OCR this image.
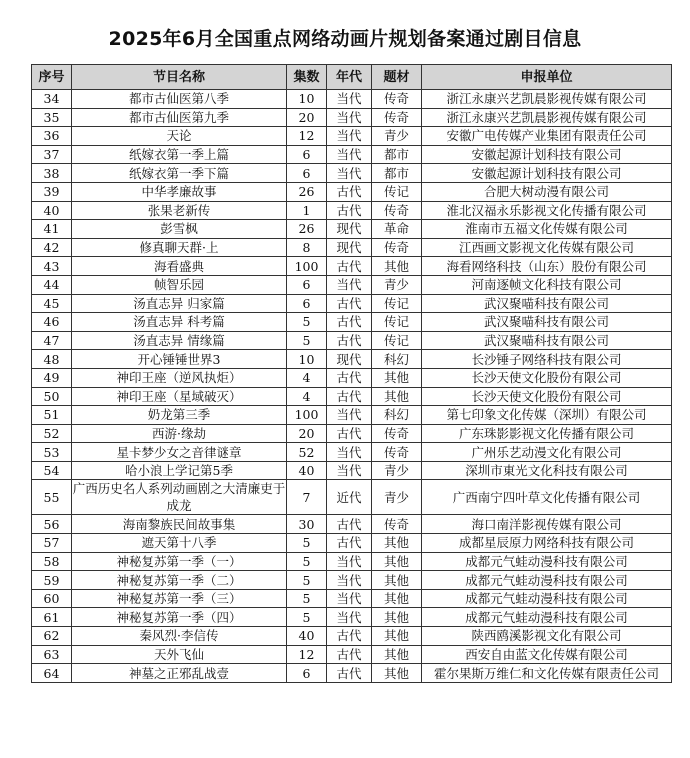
2025年6月全国重点网络动画片规划备案通过剧目信息
序号	节目名称	集数	年代	题材	申报单位
34	都市古仙医第八季	10	当代	传奇	浙江永康兴艺凯晨影视传媒有限公司
35	都市古仙医第九季	20	当代	传奇	浙江永康兴艺凯晨影视传媒有限公司
36	天论	12	当代	青少	安徽广电传媒产业集团有限责任公司
37	纸嫁衣第一季上篇	6	当代	都市	安徽起源计划科技有限公司
38	纸嫁衣第一季下篇	6	当代	都市	安徽起源计划科技有限公司
39	中华孝廉故事	26	古代	传记	合肥大树动漫有限公司
40	张果老新传	1	古代	传奇	淮北汉福永乐影视文化传播有限公司
41	彭雪枫	26	现代	革命	淮南市五福文化传媒有限公司
42	修真聊天群·上	8	现代	传奇	江西画文影视文化传媒有限公司
43	海看盛典	100	古代	其他	海看网络科技（山东）股份有限公司
44	帧智乐园	6	当代	青少	河南逐帧文化科技有限公司
45	汤直志异 归家篇	6	古代	传记	武汉聚喵科技有限公司
46	汤直志异 科考篇	5	古代	传记	武汉聚喵科技有限公司
47	汤直志异 情缘篇	5	古代	传记	武汉聚喵科技有限公司
48	开心锤锤世界3	10	现代	科幻	长沙锤子网络科技有限公司
49	神印王座（逆风执炬）	4	古代	其他	长沙天使文化股份有限公司
50	神印王座（星域破灭）	4	古代	其他	长沙天使文化股份有限公司
51	奶龙第三季	100	当代	科幻	第七印象文化传媒（深圳）有限公司
52	西游·缘劫	20	古代	传奇	广东珠影影视文化传播有限公司
53	星卡梦少女之音律谜章	52	当代	传奇	广州乐艺动漫文化有限公司
54	哈小浪上学记第5季	40	当代	青少	深圳市東光文化科技有限公司
55	广西历史名人系列动画剧之大清廉吏于成龙	7	近代	青少	广西南宁四叶草文化传播有限公司
56	海南黎族民间故事集	30	古代	传奇	海口南洋影视传媒有限公司
57	遮天第十八季	5	古代	其他	成都星辰原力网络科技有限公司
58	神秘复苏第一季（一）	5	当代	其他	成都元气蛙动漫科技有限公司
59	神秘复苏第一季（二）	5	当代	其他	成都元气蛙动漫科技有限公司
60	神秘复苏第一季（三）	5	当代	其他	成都元气蛙动漫科技有限公司
61	神秘复苏第一季（四）	5	当代	其他	成都元气蛙动漫科技有限公司
62	秦风烈·李信传	40	古代	其他	陕西鸥溪影视文化有限公司
63	天外飞仙	12	古代	其他	西安自由蓝文化传媒有限公司
64	神墓之正邪乱战壹	6	古代	其他	霍尔果斯万维仁和文化传媒有限责任公司
